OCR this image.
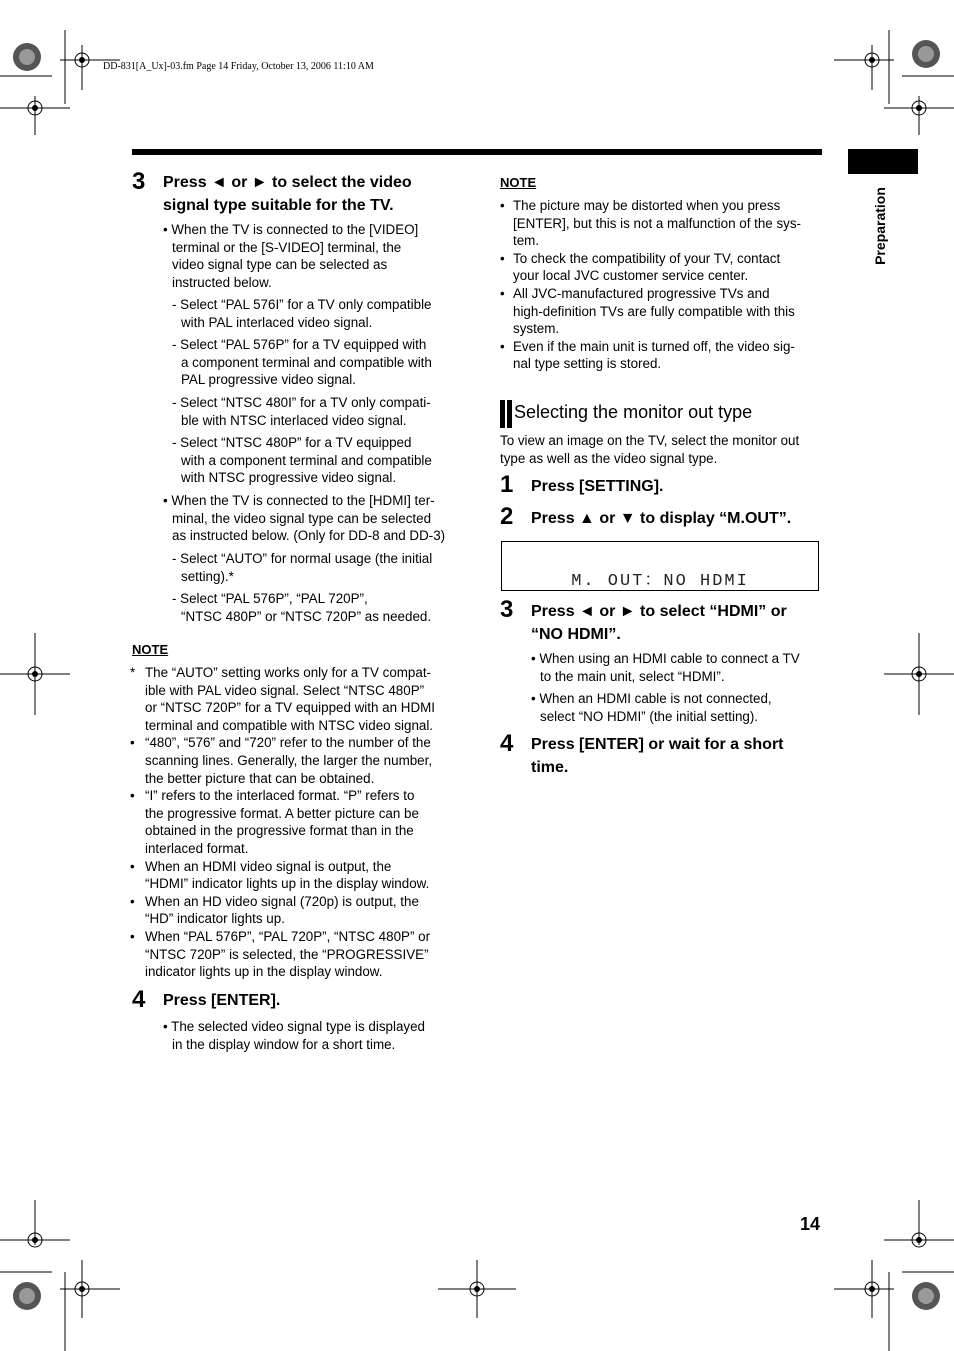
DD-831[A_Ux]-03.fm Page 14 Friday, October 13, 2006 11:10 AM
Preparation
3 Press ◄ or ► to select the video
signal type suitable for the TV.
• When the TV is connected to the [VIDEO]
terminal or the [S-VIDEO] terminal, the
video signal type can be selected as
instructed below.
- Select “PAL 576I” for a TV only compatible
with PAL interlaced video signal.
- Select “PAL 576P” for a TV equipped with
a component terminal and compatible with
PAL progressive video signal.
- Select “NTSC 480I” for a TV only compati-
ble with NTSC interlaced video signal.
- Select “NTSC 480P” for a TV equipped
with a component terminal and compatible
with NTSC progressive video signal.
• When the TV is connected to the [HDMI] ter-
minal, the video signal type can be selected
as instructed below. (Only for DD-8 and DD-3)
- Select “AUTO” for normal usage (the initial
setting).*
- Select “PAL 576P”, “PAL 720P”,
“NTSC 480P” or “NTSC 720P” as needed.
NOTE
* The “AUTO” setting works only for a TV compat-
ible with PAL video signal. Select “NTSC 480P”
or “NTSC 720P” for a TV equipped with an HDMI
terminal and compatible with NTSC video signal.
• “480”, “576” and “720” refer to the number of the
scanning lines. Generally, the larger the number,
the better picture that can be obtained.
• “I” refers to the interlaced format. “P” refers to
the progressive format. A better picture can be
obtained in the progressive format than in the
interlaced format.
• When an HDMI video signal is output, the
“HDMI” indicator lights up in the display window.
• When an HD video signal (720p) is output, the
“HD” indicator lights up.
• When “PAL 576P”, “PAL 720P”, “NTSC 480P” or
“NTSC 720P” is selected, the “PROGRESSIVE”
indicator lights up in the display window.
4 Press [ENTER].
• The selected video signal type is displayed
in the display window for a short time.
NOTE
• The picture may be distorted when you press
[ENTER], but this is not a malfunction of the sys-
tem.
• To check the compatibility of your TV, contact
your local JVC customer service center.
• All JVC-manufactured progressive TVs and
high-definition TVs are fully compatible with this
system.
• Even if the main unit is turned off, the video sig-
nal type setting is stored.
Selecting the monitor out type
To view an image on the TV, select the monitor out
type as well as the video signal type.
1 Press [SETTING].
2 Press ▲ or ▼ to display “M.OUT”.
M. OUT：NO HDMI
3 Press ◄ or ► to select “HDMI” or
“NO HDMI”.
• When using an HDMI cable to connect a TV
to the main unit, select “HDMI”.
• When an HDMI cable is not connected,
select “NO HDMI” (the initial setting).
4 Press [ENTER] or wait for a short
time.
14
